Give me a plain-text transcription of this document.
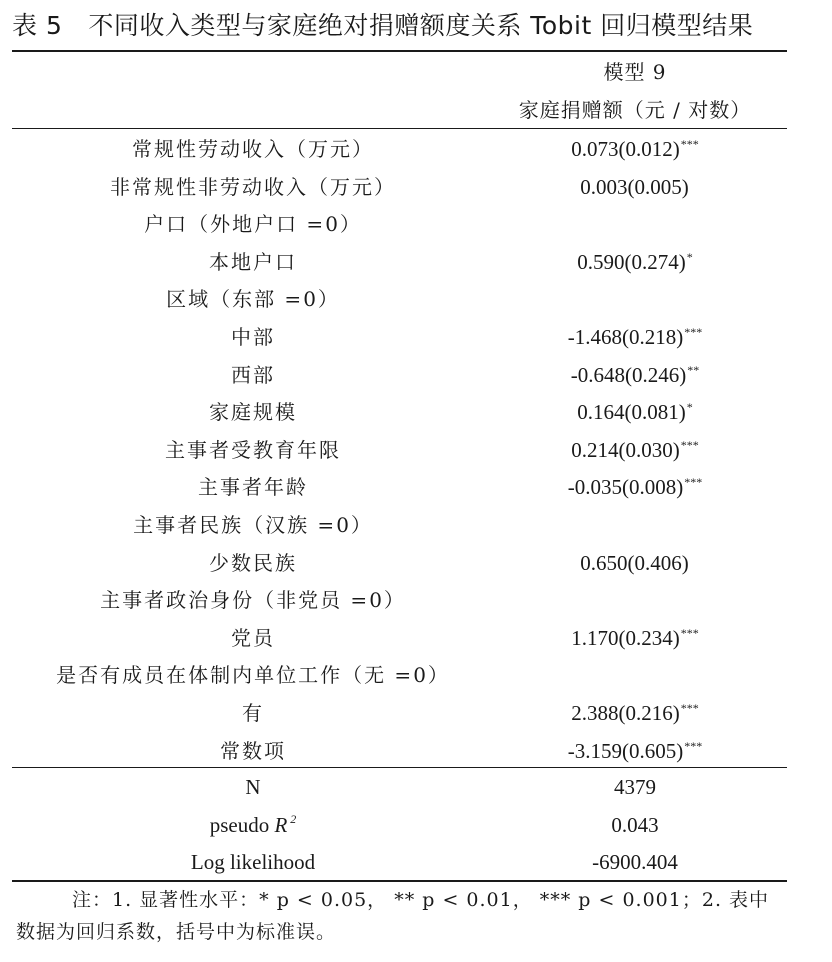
表 5 不同收入类型与家庭绝对捐赠额度关系 Tobit 回归模型结果
模型 9
家庭捐赠额（元 / 对数）
常规性劳动收入（万元）	0.073(0.012)***
非常规性非劳动收入（万元）	0.003(0.005)
户口（外地户口 =0）
本地户口	0.590(0.274)*
区域（东部 =0）
中部	-1.468(0.218)***
西部	-0.648(0.246)**
家庭规模	0.164(0.081)*
主事者受教育年限	0.214(0.030)***
主事者年龄	-0.035(0.008)***
主事者民族（汉族 =0）
少数民族	0.650(0.406)
主事者政治身份（非党员 =0）
党员	1.170(0.234)***
是否有成员在体制内单位工作（无 =0）
有	2.388(0.216)***
常数项	-3.159(0.605)***
N	4379
pseudo R $^2$	0.043
Log likelihood	-6900.404
注：1. 显著性水平：* p < 0.05， ** p < 0.01， *** p < 0.001；2. 表中
数据为回归系数，括号中为标准误。
